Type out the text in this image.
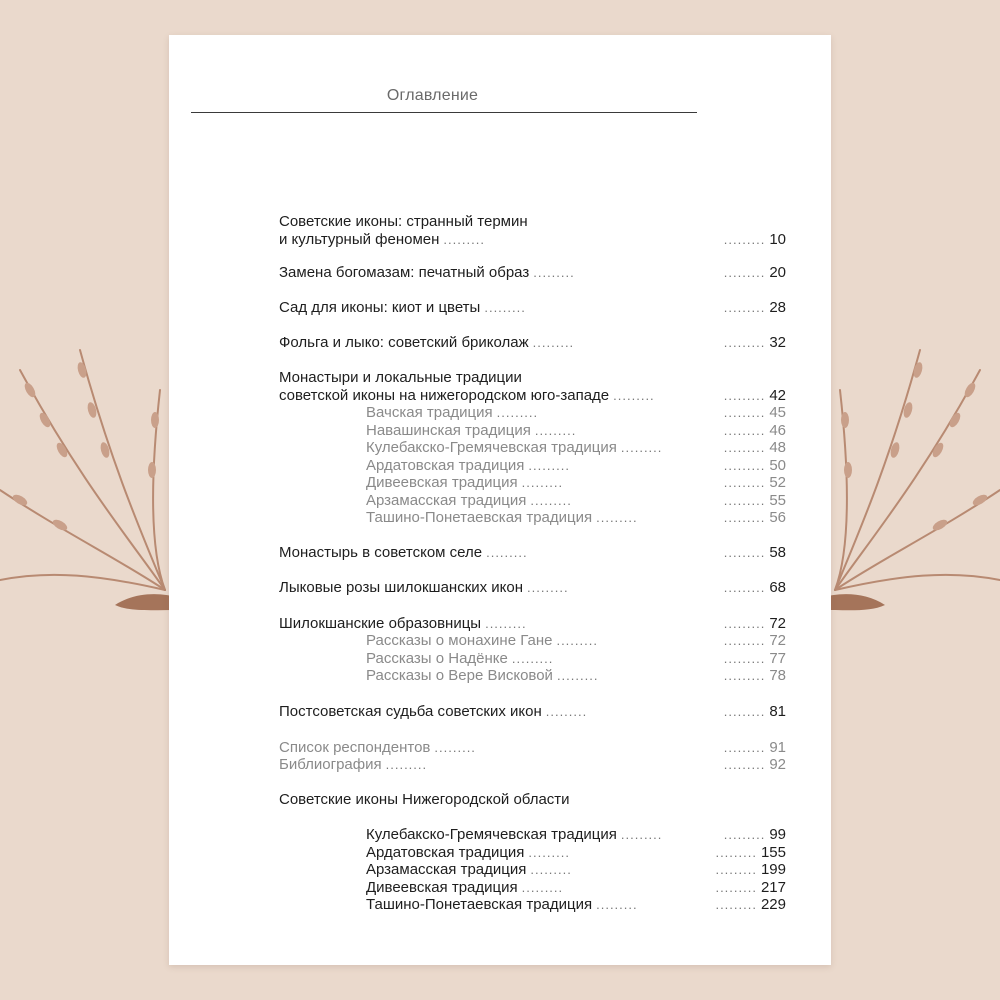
Оглавление
Советские иконы: странный термин
и культурный феномен .........	......... 10
Замена богомазам: печатный образ .........	......... 20
Сад для иконы: киот и цветы .........	......... 28
Фольга и лыко: советский бриколаж .........	......... 32
Монастыри и локальные традиции
советской иконы на нижегородском юго-западе .........	......... 42
Вачская традиция .........	......... 45
Навашинская традиция .........	......... 46
Кулебакско-Гремячевская традиция .........	......... 48
Ардатовская традиция .........	......... 50
Дивеевская традиция .........	......... 52
Арзамасская традиция .........	......... 55
Ташино-Понетаевская традиция .........	......... 56
Монастырь в советском селе .........	......... 58
Лыковые розы шилокшанских икон .........	......... 68
Шилокшанские образовницы .........	......... 72
Рассказы о монахине Гане .........	......... 72
Рассказы о Надёнке .........	......... 77
Рассказы о Вере Висковой .........	......... 78
Постсоветская судьба советских икон .........	......... 81
Список респондентов .........	......... 91
Библиография .........	......... 92
Советские иконы Нижегородской области
Кулебакско-Гремячевская традиция .........	......... 99
Ардатовская традиция .........	......... 155
Арзамасская традиция .........	......... 199
Дивеевская традиция .........	......... 217
Ташино-Понетаевская традиция .........	......... 229
